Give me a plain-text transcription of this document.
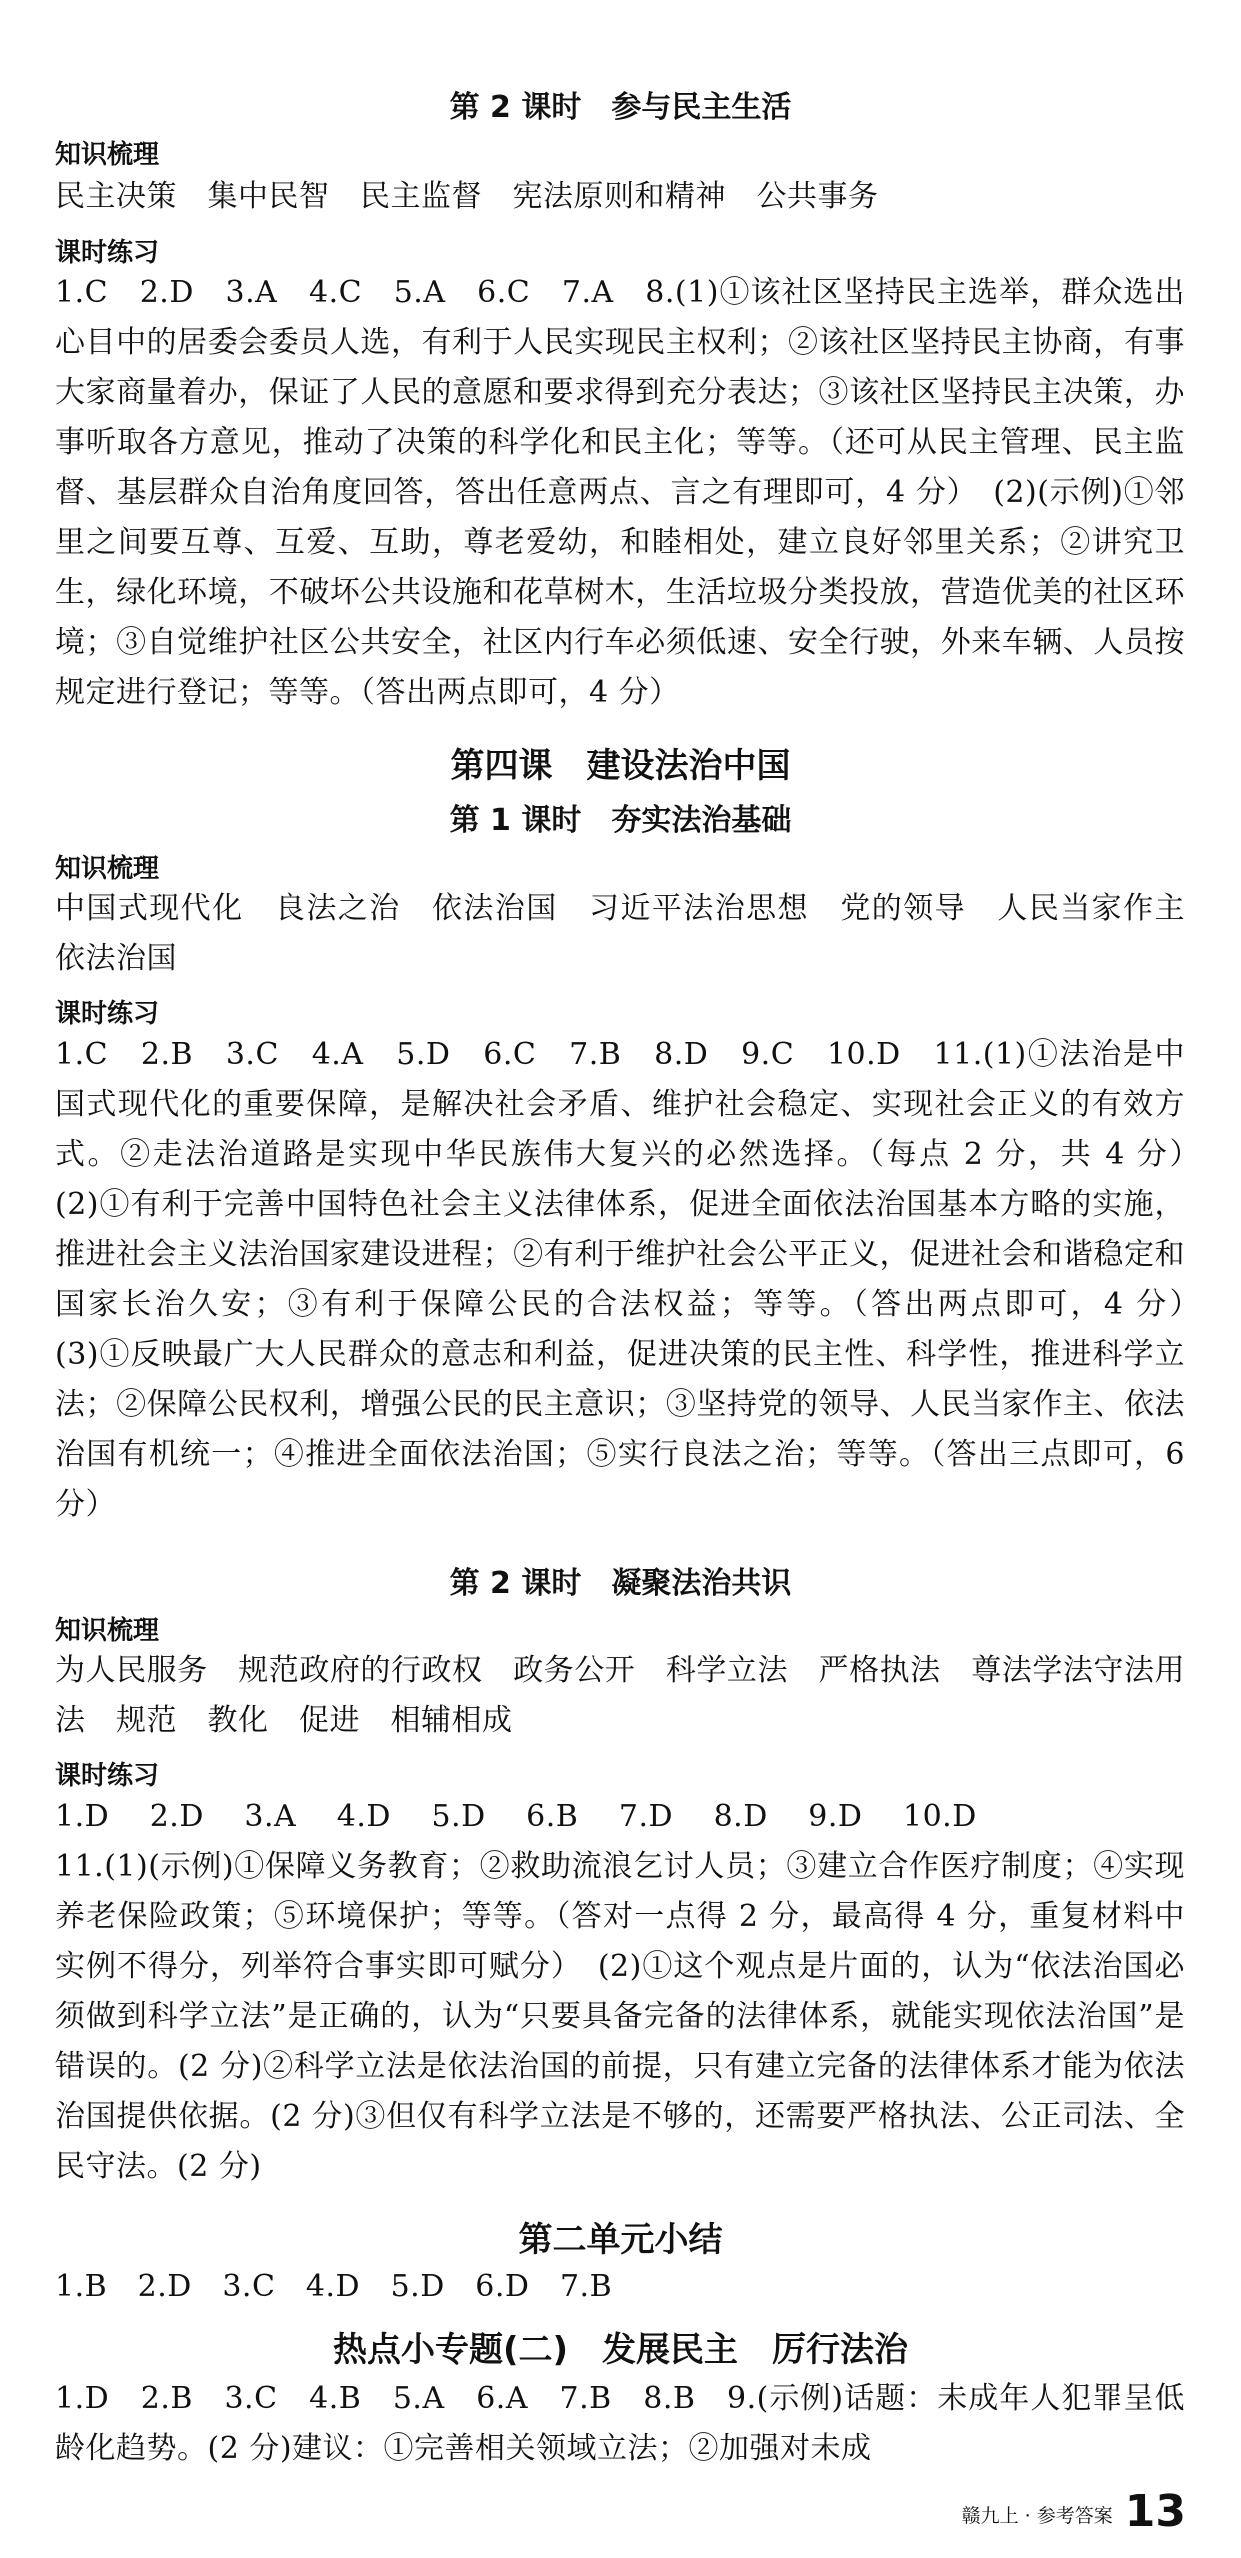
第 2 课时　参与民主生活
知识梳理

民主决策　集中民智　民主监督　宪法原则和精神　公共事务

课时练习

1.C　2.D　3.A　4.C　5.A　6.C　7.A　8.(1)①该社区坚持民主选举，群众选出心目中的居委会委员人选，有利于人民实现民主权利；②该社区坚持民主协商，有事大家商量着办，保证了人民的意愿和要求得到充分表达；③该社区坚持民主决策，办事听取各方意见，推动了决策的科学化和民主化；等等。（还可从民主管理、民主监督、基层群众自治角度回答，答出任意两点、言之有理即可，4 分）　(2)(示例)①邻里之间要互尊、互爱、互助，尊老爱幼，和睦相处，建立良好邻里关系；②讲究卫生，绿化环境，不破坏公共设施和花草树木，生活垃圾分类投放，营造优美的社区环境；③自觉维护社区公共安全，社区内行车必须低速、安全行驶，外来车辆、人员按规定进行登记；等等。（答出两点即可，4 分）

第四课　建设法治中国
第 1 课时　夯实法治基础
知识梳理

中国式现代化　良法之治　依法治国　习近平法治思想　党的领导　人民当家作主　依法治国

课时练习

1.C　2.B　3.C　4.A　5.D　6.C　7.B　8.D　9.C　10.D　11.(1)①法治是中国式现代化的重要保障，是解决社会矛盾、维护社会稳定、实现社会正义的有效方式。②走法治道路是实现中华民族伟大复兴的必然选择。（每点 2 分，共 4 分）　(2)①有利于完善中国特色社会主义法律体系，促进全面依法治国基本方略的实施，推进社会主义法治国家建设进程；②有利于维护社会公平正义，促进社会和谐稳定和国家长治久安；③有利于保障公民的合法权益；等等。（答出两点即可，4 分）　(3)①反映最广大人民群众的意志和利益，促进决策的民主性、科学性，推进科学立法；②保障公民权利，增强公民的民主意识；③坚持党的领导、人民当家作主、依法治国有机统一；④推进全面依法治国；⑤实行良法之治；等等。（答出三点即可，6 分）

第 2 课时　凝聚法治共识
知识梳理

为人民服务　规范政府的行政权　政务公开　科学立法　严格执法　尊法学法守法用法　规范　教化　促进　相辅相成

课时练习

1.D　 2.D　 3.A　 4.D　 5.D　 6.B　 7.D　 8.D　 9.D　 10.D

11.(1)(示例)①保障义务教育；②救助流浪乞讨人员；③建立合作医疗制度；④实现养老保险政策；⑤环境保护；等等。（答对一点得 2 分，最高得 4 分，重复材料中实例不得分，列举符合事实即可赋分）　(2)①这个观点是片面的，认为“依法治国必须做到科学立法”是正确的，认为“只要具备完备的法律体系，就能实现依法治国”是错误的。(2 分)②科学立法是依法治国的前提，只有建立完备的法律体系才能为依法治国提供依据。(2 分)③但仅有科学立法是不够的，还需要严格执法、公正司法、全民守法。(2 分)

第二单元小结

1.B　2.D　3.C　4.D　5.D　6.D　7.B

热点小专题(二)　发展民主　厉行法治

1.D　2.B　3.C　4.B　5.A　6.A　7.B　8.B　9.(示例)话题：未成年人犯罪呈低龄化趋势。(2 分)建议：①完善相关领域立法；②加强对未成

赣九上 · 参考答案 13
